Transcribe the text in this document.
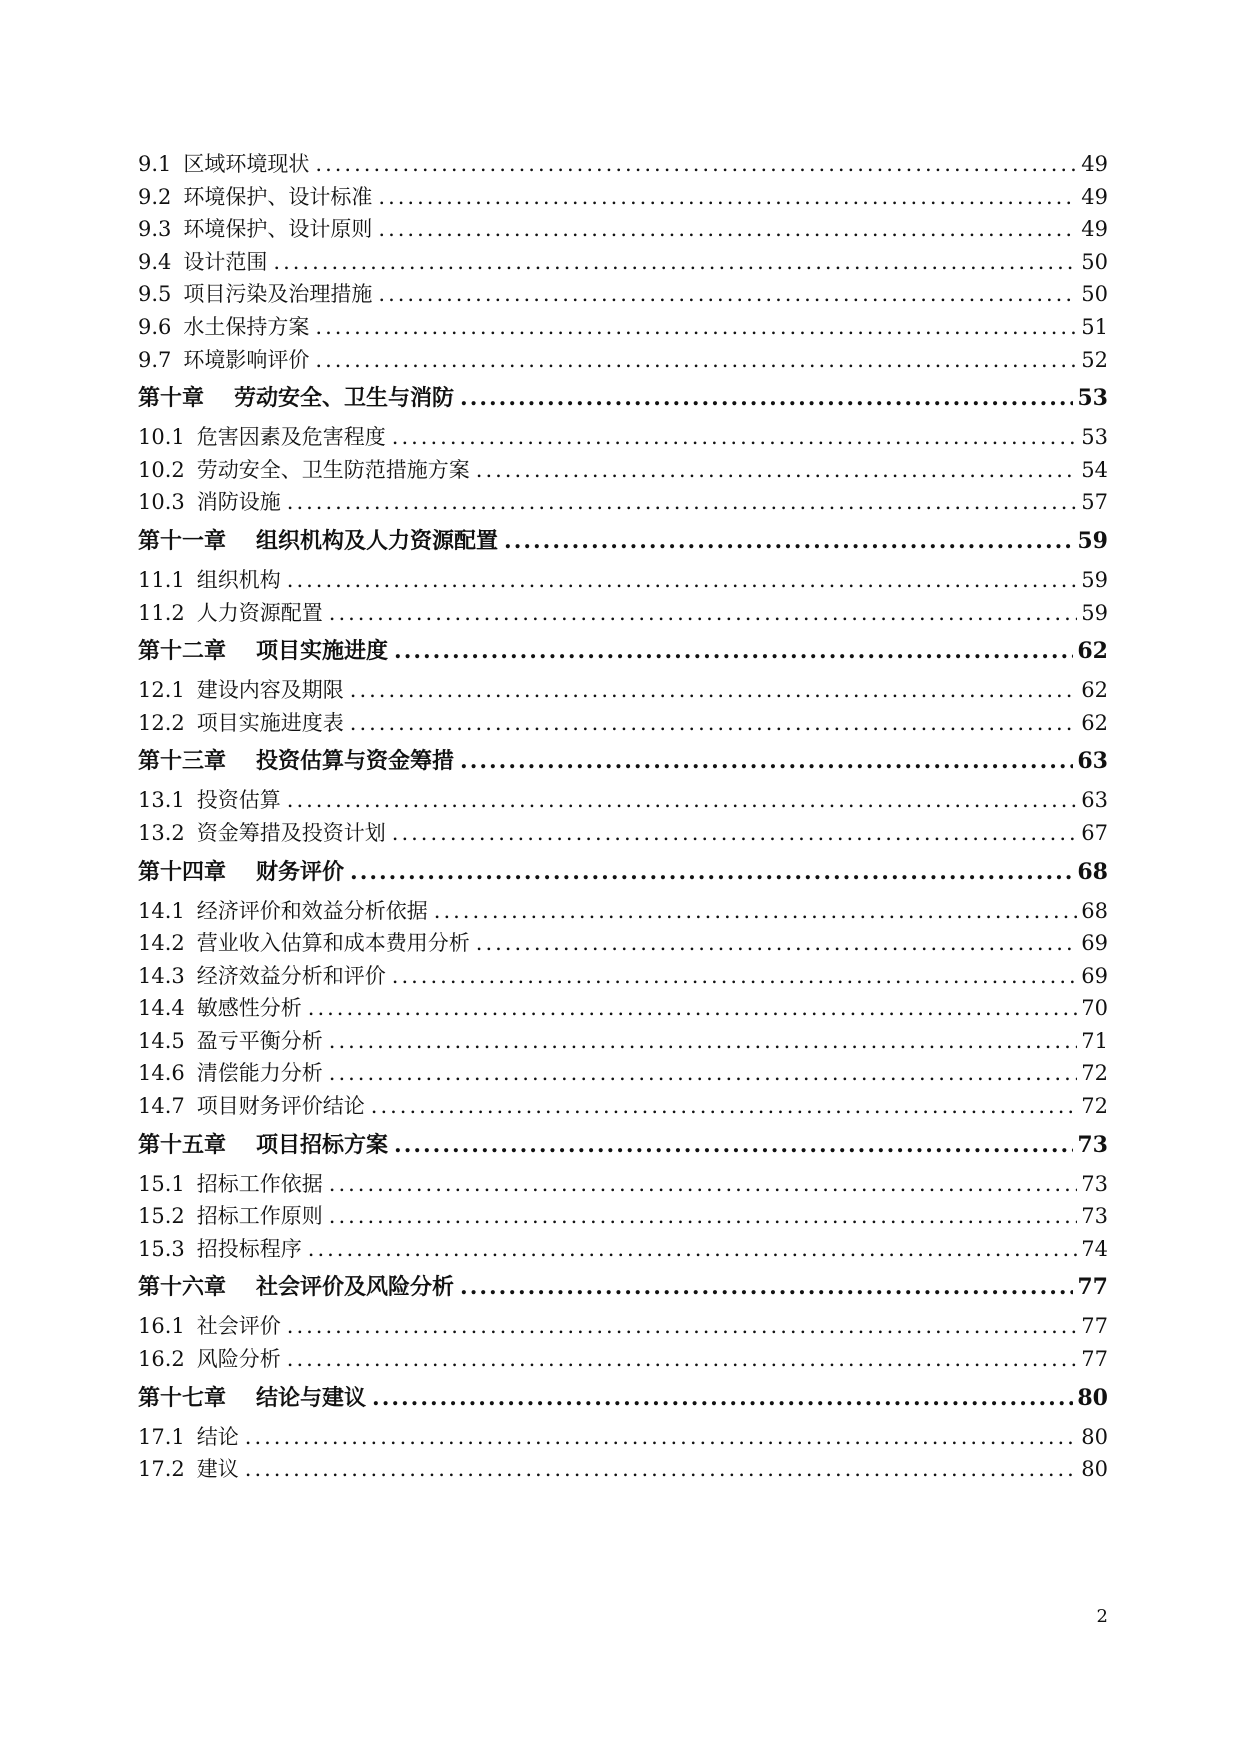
9.1 区域环境现状 .....	49
9.2 环境保护、设计标准 .....	49
9.3 环境保护、设计原则 .....	49
9.4 设计范围 .....	50
9.5 项目污染及治理措施 .....	50
9.6 水土保持方案 .....	51
9.7 环境影响评价 .....	52
第十章 劳动安全、卫生与消防 .....	53
10.1 危害因素及危害程度 .....	53
10.2 劳动安全、卫生防范措施方案 .....	54
10.3 消防设施 .....	57
第十一章 组织机构及人力资源配置 .....	59
11.1 组织机构 .....	59
11.2 人力资源配置 .....	59
第十二章 项目实施进度 .....	62
12.1 建设内容及期限 .....	62
12.2 项目实施进度表 .....	62
第十三章 投资估算与资金筹措 .....	63
13.1 投资估算 .....	63
13.2 资金筹措及投资计划 .....	67
第十四章 财务评价 .....	68
14.1 经济评价和效益分析依据 .....	68
14.2 营业收入估算和成本费用分析 .....	69
14.3 经济效益分析和评价 .....	69
14.4 敏感性分析 .....	70
14.5 盈亏平衡分析 .....	71
14.6 清偿能力分析 .....	72
14.7 项目财务评价结论 .....	72
第十五章 项目招标方案 .....	73
15.1 招标工作依据 .....	73
15.2 招标工作原则 .....	73
15.3 招投标程序 .....	74
第十六章 社会评价及风险分析 .....	77
16.1 社会评价 .....	77
16.2 风险分析 .....	77
第十七章 结论与建议 .....	80
17.1 结论 .....	80
17.2 建议 .....	80
2
